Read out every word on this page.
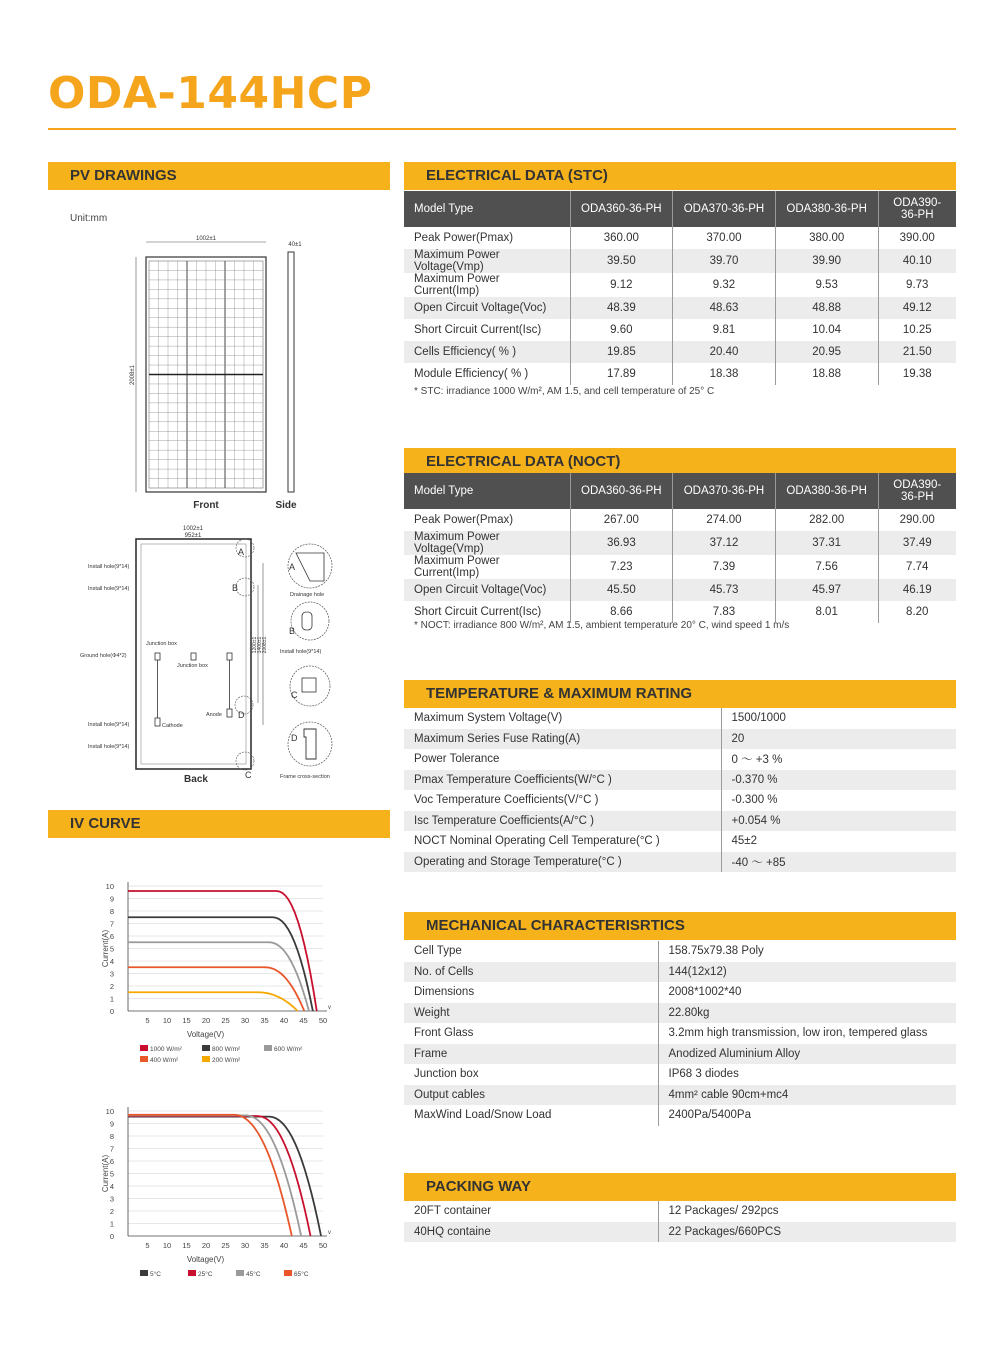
ODA-144HCP
PV DRAWINGS
IV CURVE
ELECTRICAL DATA (STC)
ELECTRICAL DATA (NOCT)
TEMPERATURE & MAXIMUM RATING
MECHANICAL CHARACTERISRTICS
PACKING WAY
Unit:mm
1002±1
2008±1
Front
40±1
Side
1002±1
952±1
1200±1 1400±1 2008±1
Junction box
Junction box
Cathode
Anode
Install hole(9*14)
Install hole(9*14)
Ground hole(Φ4*2)
Install hole(9*14)
Install hole(9*14)
A
B
C
D
Back
A
Drainage hole
B
Install hole(9*14)
C
D
Frame cross-section
0
1
2
3
4
5
6
7
8
9
10
5 10 15 20 25 30 35 40 45 50
v
Voltage(V)
Current(A)
1000 W/m²	800 W/m²	600 W/m²
400 W/m²	200 W/m²
0
1
2
3
4
5
6
7
8
9
10
5 10 15 20 25 30 35 40 45 50
v
Voltage(V)
Current(A)
5°C	25°C	45°C	65°C
Model Type	ODA360-36-PH	ODA370-36-PH	ODA380-36-PH	ODA390-36-PH
Peak Power(Pmax)	360.00	370.00	380.00	390.00
Maximum Power Voltage(Vmp)	39.50	39.70	39.90	40.10
Maximum Power Current(Imp)	9.12	9.32	9.53	9.73
Open Circuit Voltage(Voc)	48.39	48.63	48.88	49.12
Short Circuit Current(Isc)	9.60	9.81	10.04	10.25
Cells Efficiency( % )	19.85	20.40	20.95	21.50
Module Efficiency( % )	17.89	18.38	18.88	19.38
* STC: irradiance 1000 W/m², AM 1.5, and cell temperature of 25° C
Model Type	ODA360-36-PH	ODA370-36-PH	ODA380-36-PH	ODA390-36-PH
Peak Power(Pmax)	267.00	274.00	282.00	290.00
Maximum Power Voltage(Vmp)	36.93	37.12	37.31	37.49
Maximum Power Current(Imp)	7.23	7.39	7.56	7.74
Open Circuit Voltage(Voc)	45.50	45.73	45.97	46.19
Short Circuit Current(Isc)	8.66	7.83	8.01	8.20
* NOCT: irradiance 800 W/m², AM 1.5, ambient temperature 20° C, wind speed 1 m/s
Maximum System Voltage(V)	1500/1000
Maximum Series Fuse Rating(A)	20
Power Tolerance	0 ～ +3 %
Pmax Temperature Coefficients(W/°C )	-0.370 %
Voc Temperature Coefficients(V/°C )	-0.300 %
Isc Temperature Coefficients(A/°C )	+0.054 %
NOCT Nominal Operating Cell Temperature(°C )	45±2
Operating and Storage Temperature(°C )	-40 ～ +85
Cell Type	158.75x79.38 Poly
No. of Cells	144(12x12)
Dimensions	2008*1002*40
Weight	22.80kg
Front Glass	3.2mm high transmission, low iron, tempered glass
Frame	Anodized Aluminium Alloy
Junction box	IP68 3 diodes
Output cables	4mm² cable 90cm+mc4
MaxWind Load/Snow Load	2400Pa/5400Pa
20FT container	12 Packages/ 292pcs
40HQ containe	22 Packages/660PCS
